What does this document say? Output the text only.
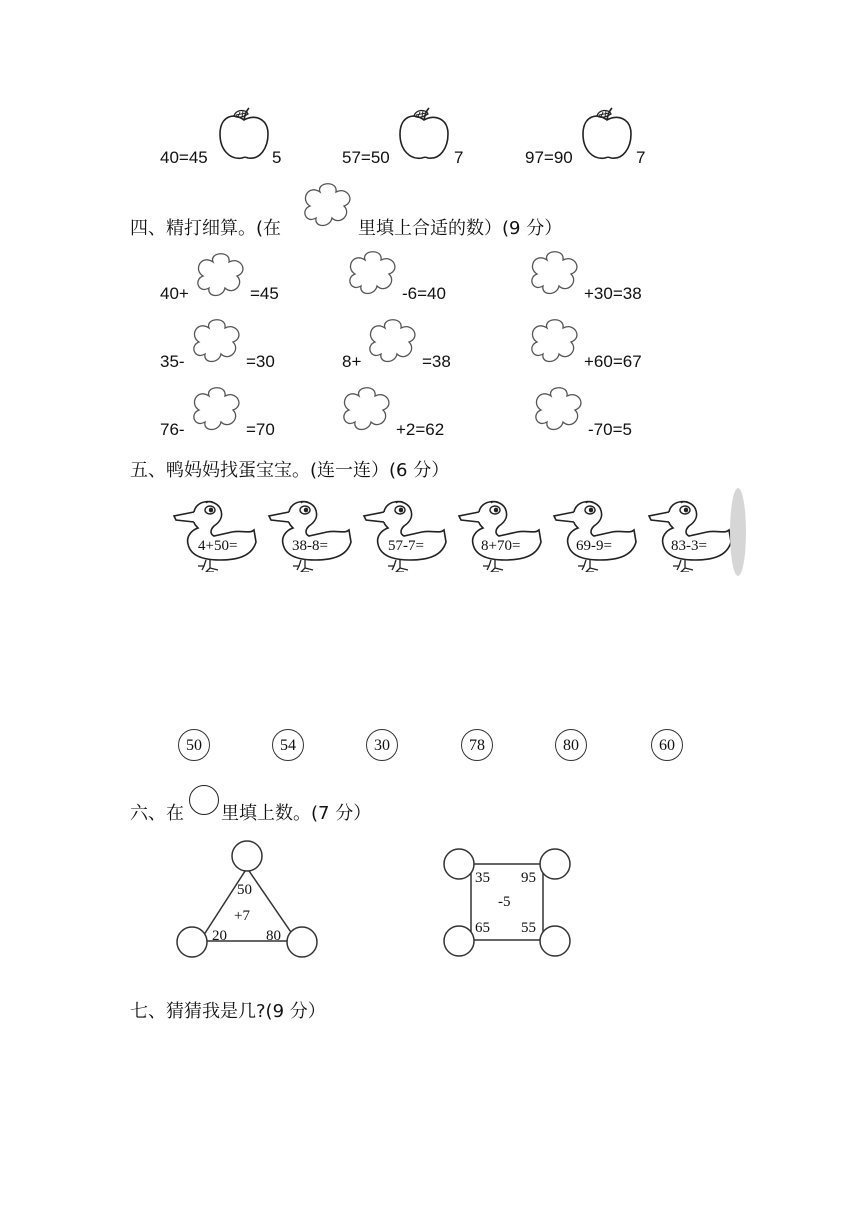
40=45	5	57=50	7	97=90	7
四、精打细算。(在	里填上合适的数）(9 分）
40+	=45	-6=40	+30=38
35-	=30	8+	=38	+60=67
76-	=70	+2=62	-70=5
五、鸭妈妈找蛋宝宝。(连一连）(6 分）
4+50=	38-8=	57-7=	8+70=	69-9=	83-3=
50	54	30	78	80	60
六、在 里填上数。(7 分）
50
+7
20	80
35 95
-5
65 55
七、猜猜我是几?(9 分）
